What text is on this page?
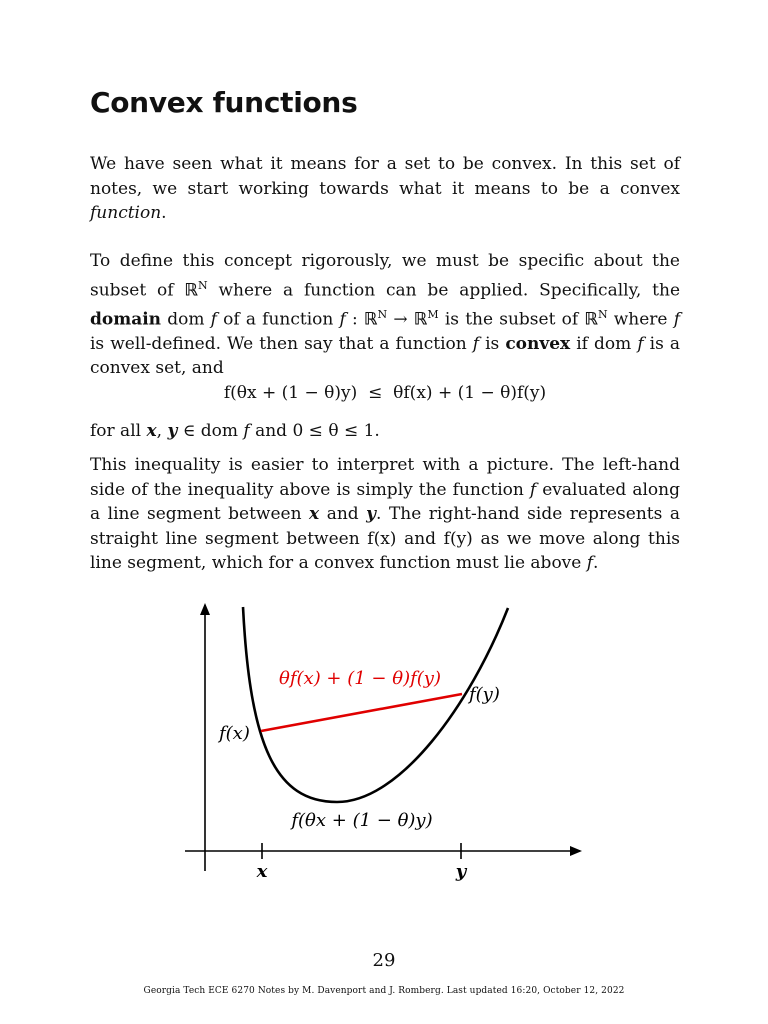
Convex functions

We have seen what it means for a set to be convex. In this set of notes, we start working towards what it means to be a convex function.

To define this concept rigorously, we must be specific about the subset of ℝ$^N$ where a function can be applied. Specifically, the domain dom f of a function f : ℝ$^N$ → ℝ$^M$ is the subset of ℝ$^N$ where f is well-defined. We then say that a function f is convex if dom f is a convex set, and

f(θx + (1 − θ)y) ≤ θf(x) + (1 − θ)f(y)

for all x, y ∈ dom f and 0 ≤ θ ≤ 1.

This inequality is easier to interpret with a picture. The left-hand side of the inequality above is simply the function f evaluated along a line segment between x and y. The right-hand side represents a straight line segment between f(x) and f(y) as we move along this line segment, which for a convex function must lie above f.

θf(x) + (1 − θ)f(y)
f(x)
f(y)
f(θx + (1 − θ)y)
x	y
29
Georgia Tech ECE 6270 Notes by M. Davenport and J. Romberg. Last updated 16:20, October 12, 2022
